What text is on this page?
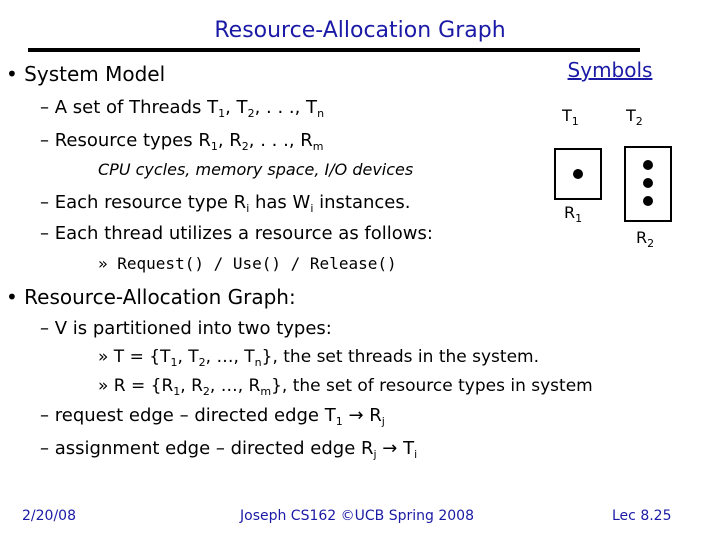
Resource-Allocation Graph
• System Model
– A set of Threads $T_1$, $T_2$, . . ., $T_n$
– Resource types $R_1$, $R_2$, . . ., $R_m$
CPU cycles, memory space, I/O devices
– Each resource type $R_i$ has $W_i$ instances.
– Each thread utilizes a resource as follows:
» Request() / Use() / Release()
Symbols
$T_1$	$T_2$
$R_1$
$R_2$
• Resource-Allocation Graph:
– V is partitioned into two types:
» $T = \{T_1$, $T_2$, …, $T_n$}, the set threads in the system.
» $R = \{R_1$, $R_2$, …, $R_m$}, the set of resource types in system
– request edge – directed edge $T_1 \to R_j$
– assignment edge – directed edge $R_j \to T_i$
2/20/08	Joseph CS162 ©UCB Spring 2008	Lec 8.25
